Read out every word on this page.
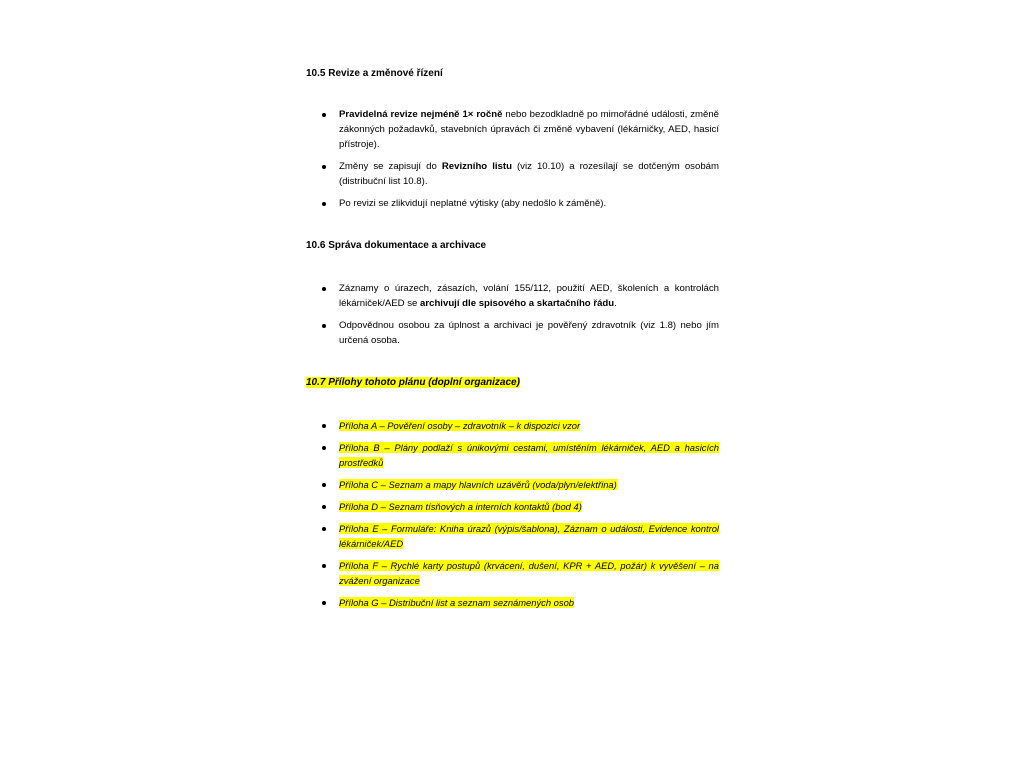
10.5 Revize a změnové řízení
Pravidelná revize nejméně 1× ročně nebo bezodkladně po mimořádné události, změně zákonných požadavků, stavebních úpravách či změně vybavení (lékárničky, AED, hasicí přístroje).
Změny se zapisují do Revizního listu (viz 10.10) a rozesílají se dotčeným osobám (distribuční list 10.8).
Po revizi se zlikvidují neplatné výtisky (aby nedošlo k záměně).
10.6 Správa dokumentace a archivace
Záznamy o úrazech, zásazích, volání 155/112, použití AED, školeních a kontrolách lékárniček/AED se archivují dle spisového a skartačního řádu.
Odpovědnou osobou za úplnost a archivaci je pověřený zdravotník (viz 1.8) nebo jím určená osoba.
10.7 Přílohy tohoto plánu (doplní organizace)
Příloha A – Pověření osoby – zdravotník – k dispozici vzor
Příloha B – Plány podlaží s únikovými cestami, umístěním lékárniček, AED a hasicích prostředků
Příloha C – Seznam a mapy hlavních uzávěrů (voda/plyn/elektřina)
Příloha D – Seznam tísňových a interních kontaktů (bod 4)
Příloha E – Formuláře: Kniha úrazů (výpis/šablona), Záznam o události, Evidence kontrol lékárniček/AED
Příloha F – Rychlé karty postupů (krvácení, dušení, KPR + AED, požár) k vyvěšení – na zvážení organizace
Příloha G – Distribuční list a seznam seznámených osob
